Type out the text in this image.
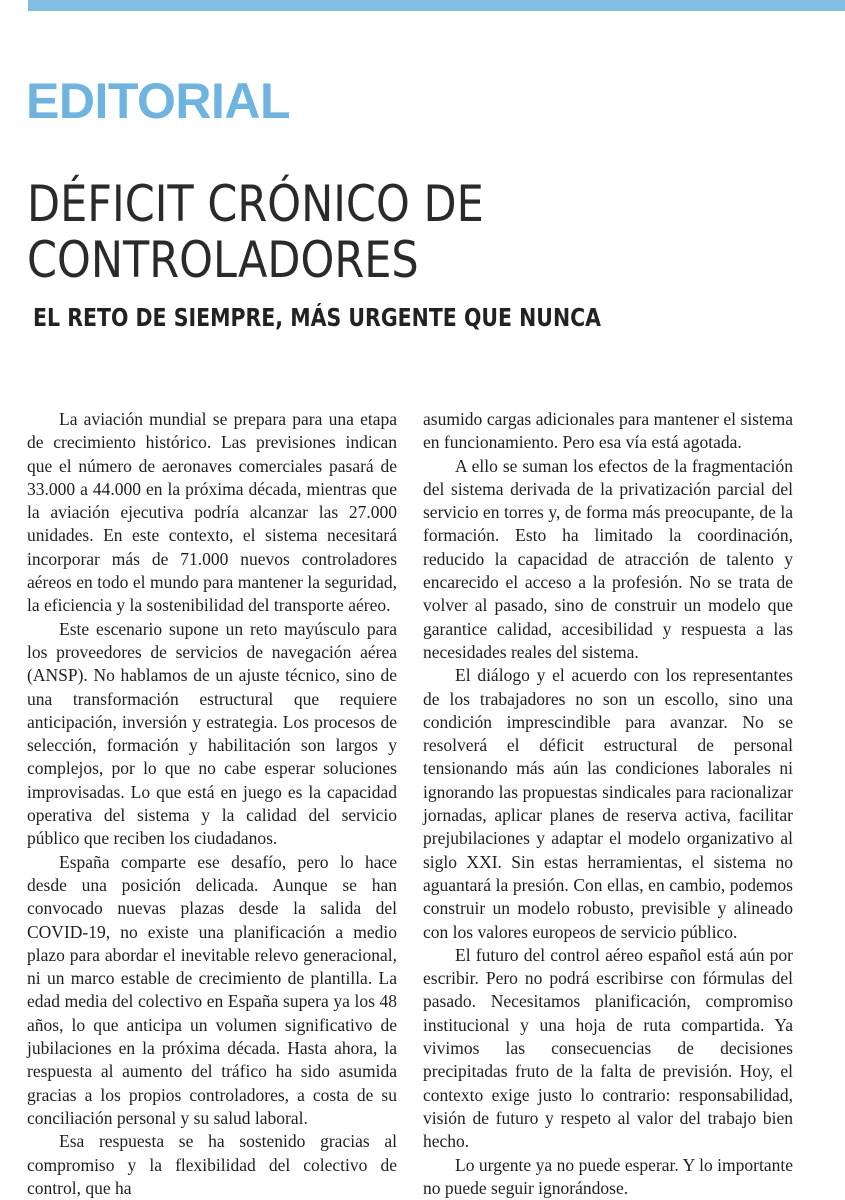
EDITORIAL
DÉFICIT CRÓNICO DE
CONTROLADORES
EL RETO DE SIEMPRE, MÁS URGENTE QUE NUNCA

La aviación mundial se prepara para una etapa de crecimiento histórico. Las previsiones indican que el número de aeronaves comerciales pasará de 33.000 a 44.000 en la próxima década, mientras que la aviación ejecutiva podría alcanzar las 27.000 unidades. En este contexto, el sistema necesitará incorporar más de 71.000 nuevos controladores aéreos en todo el mundo para mantener la seguridad, la eficiencia y la sostenibilidad del transporte aéreo.

Este escenario supone un reto mayúsculo para los proveedores de servicios de navegación aérea (ANSP). No hablamos de un ajuste técnico, sino de una transformación estructural que requiere anticipación, inversión y estrategia. Los procesos de selección, formación y habilitación son largos y complejos, por lo que no cabe esperar soluciones improvisadas. Lo que está en juego es la capacidad operativa del sistema y la calidad del servicio público que reciben los ciudadanos.

España comparte ese desafío, pero lo hace desde una posición delicada. Aunque se han convocado nuevas plazas desde la salida del COVID-19, no existe una planificación a medio plazo para abordar el inevitable relevo generacional, ni un marco estable de crecimiento de plantilla. La edad media del colectivo en España supera ya los 48 años, lo que anticipa un volumen significativo de jubilaciones en la próxima década. Hasta ahora, la respuesta al aumento del tráfico ha sido asumida gracias a los propios controladores, a costa de su conciliación personal y su salud laboral.

Esa respuesta se ha sostenido gracias al compromiso y la flexibilidad del colectivo de control, que ha

asumido cargas adicionales para mantener el sistema en funcionamiento. Pero esa vía está agotada.

A ello se suman los efectos de la fragmentación del sistema derivada de la privatización parcial del servicio en torres y, de forma más preocupante, de la formación. Esto ha limitado la coordinación, reducido la capacidad de atracción de talento y encarecido el acceso a la profesión. No se trata de volver al pasado, sino de construir un modelo que garantice calidad, accesibilidad y respuesta a las necesidades reales del sistema.

El diálogo y el acuerdo con los representantes de los trabajadores no son un escollo, sino una condición imprescindible para avanzar. No se resolverá el déficit estructural de personal tensionando más aún las condiciones laborales ni ignorando las propuestas sindicales para racionalizar jornadas, aplicar planes de reserva activa, facilitar prejubilaciones y adaptar el modelo organizativo al siglo XXI. Sin estas herramientas, el sistema no aguantará la presión. Con ellas, en cambio, podemos construir un modelo robusto, previsible y alineado con los valores europeos de servicio público.

El futuro del control aéreo español está aún por escribir. Pero no podrá escribirse con fórmulas del pasado. Necesitamos planificación, compromiso institucional y una hoja de ruta compartida. Ya vivimos las consecuencias de decisiones precipitadas fruto de la falta de previsión. Hoy, el contexto exige justo lo contrario: responsabilidad, visión de futuro y respeto al valor del trabajo bien hecho.

Lo urgente ya no puede esperar. Y lo importante no puede seguir ignorándose.
